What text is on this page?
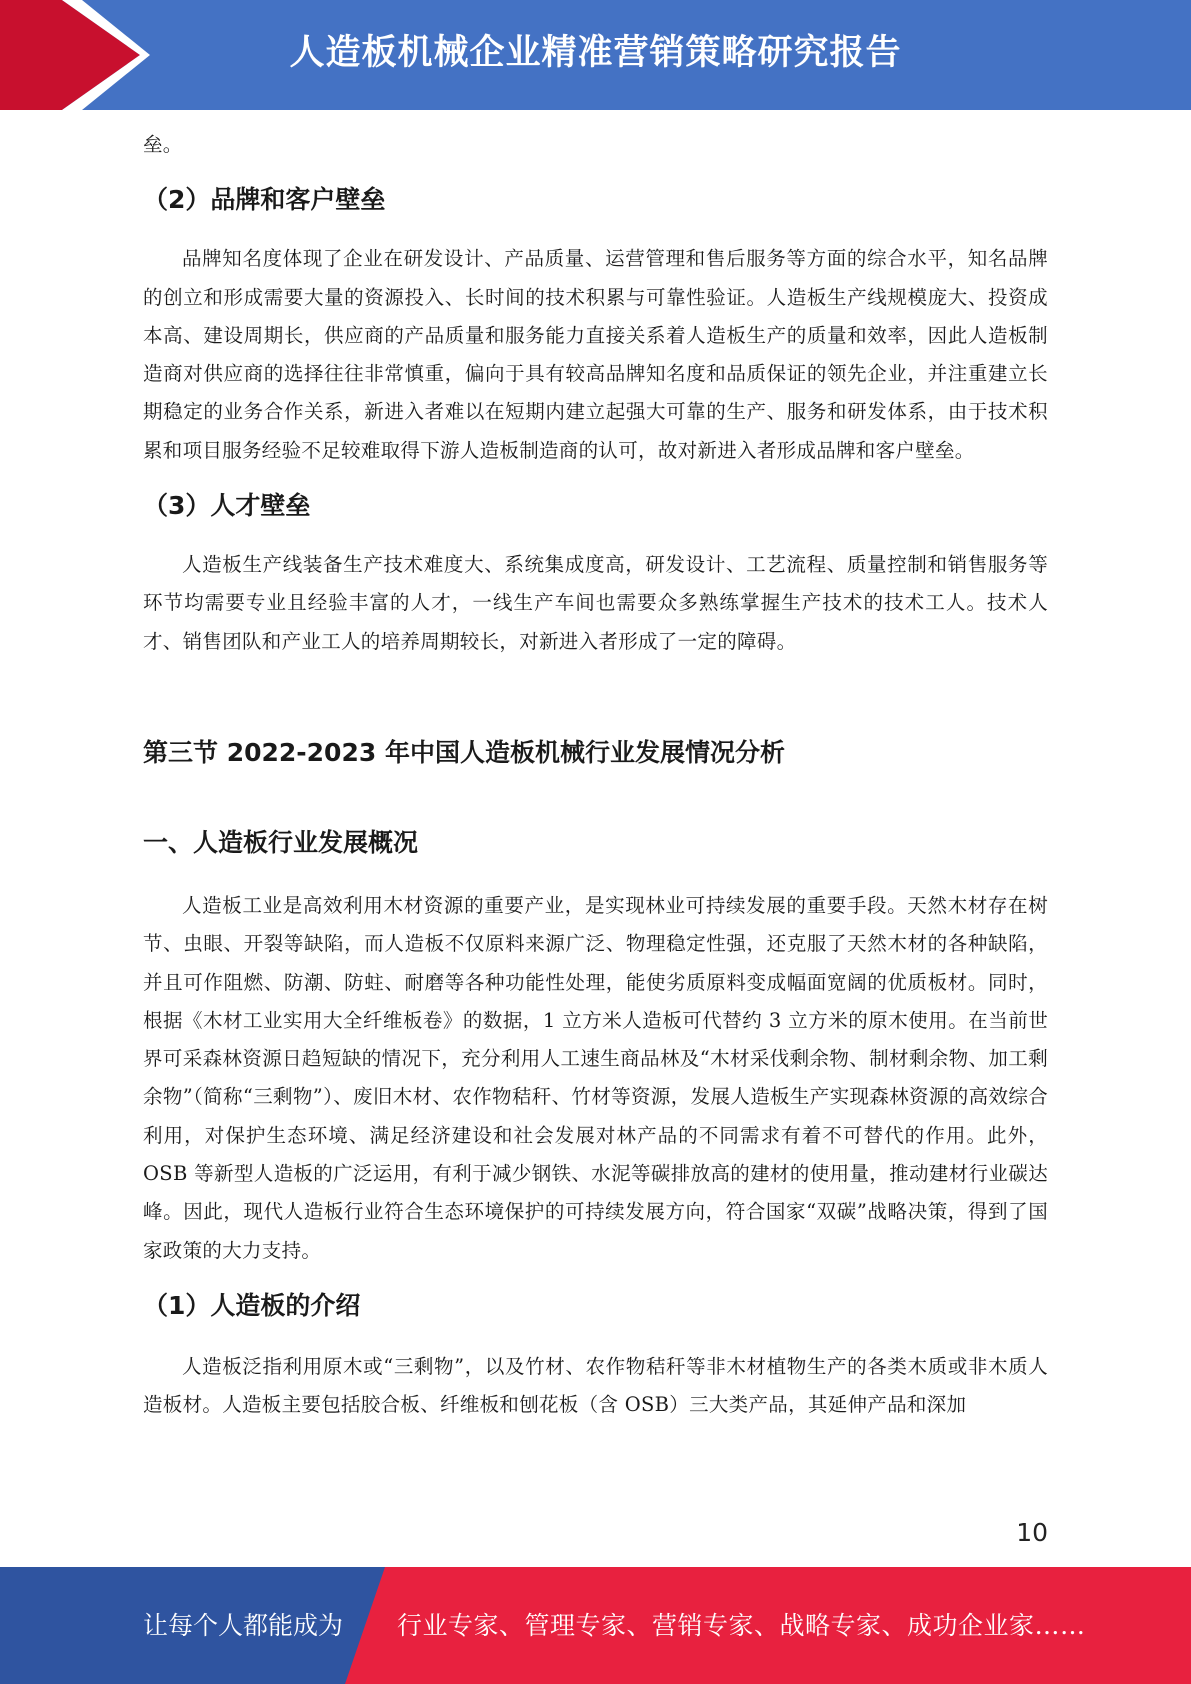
人造板机械企业精准营销策略研究报告

垒。

（2）品牌和客户壁垒

品牌知名度体现了企业在研发设计、产品质量、运营管理和售后服务等方面的综合水平，知名品牌的创立和形成需要大量的资源投入、长时间的技术积累与可靠性验证。人造板生产线规模庞大、投资成本高、建设周期长，供应商的产品质量和服务能力直接关系着人造板生产的质量和效率，因此人造板制造商对供应商的选择往往非常慎重，偏向于具有较高品牌知名度和品质保证的领先企业，并注重建立长期稳定的业务合作关系，新进入者难以在短期内建立起强大可靠的生产、服务和研发体系，由于技术积累和项目服务经验不足较难取得下游人造板制造商的认可，故对新进入者形成品牌和客户壁垒。

（3）人才壁垒

人造板生产线装备生产技术难度大、系统集成度高，研发设计、工艺流程、质量控制和销售服务等环节均需要专业且经验丰富的人才，一线生产车间也需要众多熟练掌握生产技术的技术工人。技术人才、销售团队和产业工人的培养周期较长，对新进入者形成了一定的障碍。

第三节 2022-2023 年中国人造板机械行业发展情况分析
一、人造板行业发展概况

人造板工业是高效利用木材资源的重要产业，是实现林业可持续发展的重要手段。天然木材存在树节、虫眼、开裂等缺陷，而人造板不仅原料来源广泛、物理稳定性强，还克服了天然木材的各种缺陷，并且可作阻燃、防潮、防蛀、耐磨等各种功能性处理，能使劣质原料变成幅面宽阔的优质板材。同时，根据《木材工业实用大全纤维板卷》的数据，1 立方米人造板可代替约 3 立方米的原木使用。在当前世界可采森林资源日趋短缺的情况下，充分利用人工速生商品林及“木材采伐剩余物、制材剩余物、加工剩余物”（简称“三剩物”）、废旧木材、农作物秸秆、竹材等资源，发展人造板生产实现森林资源的高效综合利用，对保护生态环境、满足经济建设和社会发展对林产品的不同需求有着不可替代的作用。此外，OSB 等新型人造板的广泛运用，有利于减少钢铁、水泥等碳排放高的建材的使用量，推动建材行业碳达峰。因此，现代人造板行业符合生态环境保护的可持续发展方向，符合国家“双碳”战略决策，得到了国家政策的大力支持。

（1）人造板的介绍

人造板泛指利用原木或“三剩物”，以及竹材、农作物秸秆等非木材植物生产的各类木质或非木质人造板材。人造板主要包括胶合板、纤维板和刨花板（含 OSB）三大类产品，其延伸产品和深加

10
让每个人都能成为 行业专家、管理专家、营销专家、战略专家、成功企业家……
